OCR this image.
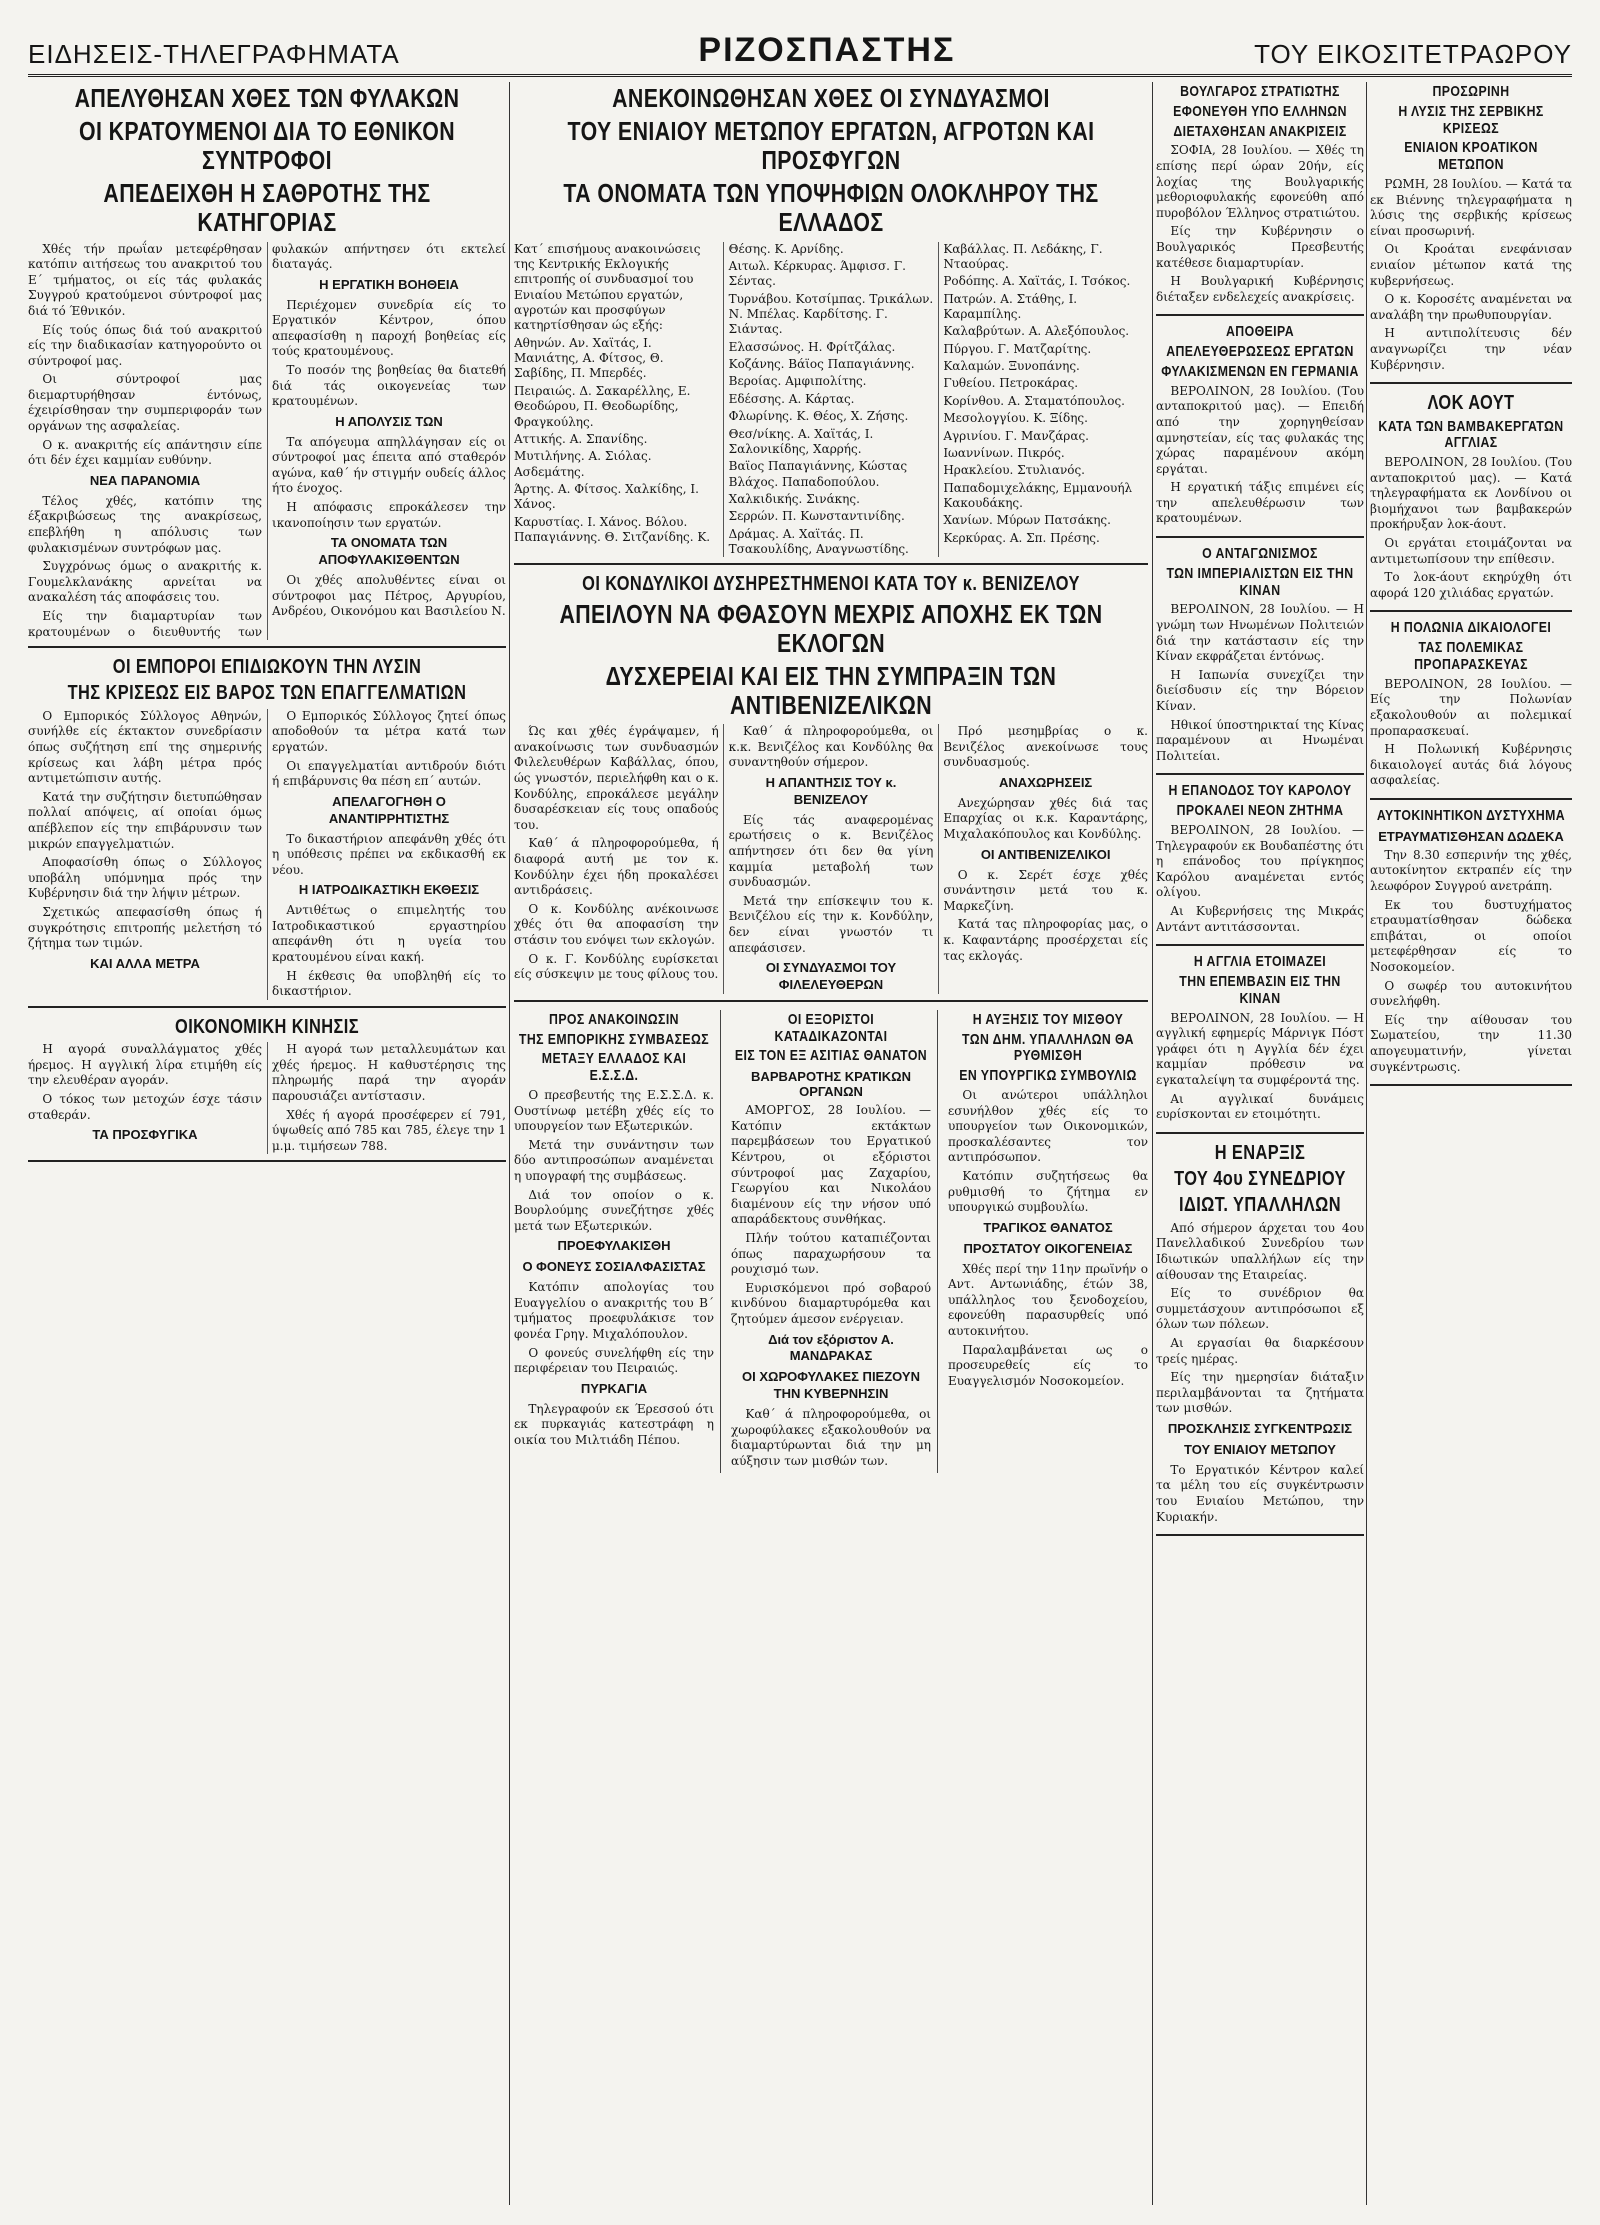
ΕΙΔΗΣΕΙΣ-ΤΗΛΕΓΡΑΦΗΜΑΤΑ	ΡΙΖΟΣΠΑΣΤΗΣ	ΤΟΥ ΕΙΚΟΣΙΤΕΤΡΑΩΡΟΥ
ΑΠΕΛΥΘΗΣΑΝ ΧΘΕΣ ΤΩΝ ΦΥΛΑΚΩΝ
ΟΙ ΚΡΑΤΟΥΜΕΝΟΙ ΔΙΑ ΤΟ ΕΘΝΙΚΟΝ ΣΥΝΤΡΟΦΟΙ
ΑΠΕΔΕΙΧΘΗ Η ΣΑΘΡΟΤΗΣ ΤΗΣ ΚΑΤΗΓΟΡΙΑΣ

Χθές τήν πρωΐαν μετεφέρθησαν κατόπιν αιτήσεως του ανακριτού του Ε΄ τμήματος, οι είς τάς φυλακάς Συγγρού κρατούμενοι σύντροφοί μας διά τό Έθνικόν.

Είς τούς όπως διά τού ανακριτού είς την διαδικασίαν κατηγορούντο οι σύντροφοί μας.

Οι σύντροφοί μας διεμαρτυρήθησαν έντόνως, έχειρίσθησαν την συμπεριφοράν των οργάνων της ασφαλείας.

Ο κ. ανακριτής είς απάντησιν είπε ότι δέν έχει καμμίαν ευθύνην.

ΝΕΑ ΠΑΡΑΝΟΜΙΑ

Τέλος χθές, κατόπιν της έξακριβώσεως της ανακρίσεως, επεβλήθη η απόλυσις των φυλακισμένων συντρόφων μας.

Συγχρόνως όμως ο ανακριτής κ. Γουμελκλανάκης αρνείται να ανακαλέση τάς αποφάσεις του.

Είς την διαμαρτυρίαν των κρατουμένων ο διευθυντής των φυλακών απήντησεν ότι εκτελεί διαταγάς.

Η ΕΡΓΑΤΙΚΗ ΒΟΗΘΕΙΑ

Περιέχομεν συνεδρία είς το Εργατικόν Κέντρον, όπου απεφασίσθη η παροχή βοηθείας είς τούς κρατουμένους.

Το ποσόν της βοηθείας θα διατεθή διά τάς οικογενείας των κρατουμένων.

Η ΑΠΟΛΥΣΙΣ ΤΩΝ

Τα απόγευμα απηλλάγησαν είς οι σύντροφοί μας έπειτα από σταθερόν αγώνα, καθ΄ ήν στιγμήν ουδείς άλλος ήτο ένοχος.

Η απόφασις επροκάλεσεν την ικανοποίησιν των εργατών.

ΤΑ ΟΝΟΜΑΤΑ ΤΩΝ ΑΠΟΦΥΛΑΚΙΣΘΕΝΤΩΝ

Οι χθές απολυθέντες είναι οι σύντροφοι μας Πέτρος, Αργυρίου, Ανδρέου, Οικονόμου και Βασιλείου Ν.

ΟΙ ΕΜΠΟΡΟΙ ΕΠΙΔΙΩΚΟΥΝ ΤΗΝ ΛΥΣΙΝ
ΤΗΣ ΚΡΙΣΕΩΣ ΕΙΣ ΒΑΡΟΣ ΤΩΝ ΕΠΑΓΓΕΛΜΑΤΙΩΝ

Ο Εμπορικός Σύλλογος Αθηνών, συνήλθε είς έκτακτον συνεδρίασιν όπως συζήτηση επί της σημερινής κρίσεως και λάβη μέτρα πρός αντιμετώπισιν αυτής.

Κατά την συζήτησιν διετυπώθησαν πολλαί απόψεις, αί οποίαι όμως απέβλεπον είς την επιβάρυνσιν των μικρών επαγγελματιών.

Αποφασίσθη όπως ο Σύλλογος υποβάλη υπόμνημα πρός την Κυβέρνησιν διά την λήψιν μέτρων.

Σχετικώς απεφασίσθη όπως ή συγκρότησις επιτροπής μελετήση τό ζήτημα των τιμών.

ΚΑΙ ΑΛΛΑ ΜΕΤΡΑ

Ο Εμπορικός Σύλλογος ζητεί όπως αποδοθούν τα μέτρα κατά των εργατών.

Οι επαγγελματίαι αντιδρούν διότι ή επιβάρυνσις θα πέση επ΄ αυτών.

ΑΠΕΛΑΓΟΓΗΘΗ Ο ΑΝΑΝΤΙΡΡΗΤΙΣΤΗΣ

Το δικαστήριον απεφάνθη χθές ότι η υπόθεσις πρέπει να εκδικασθή εκ νέου.

Η ΙΑΤΡΟΔΙΚΑΣΤΙΚΗ ΕΚΘΕΣΙΣ

Αντιθέτως ο επιμελητής του Ιατροδικαστικού εργαστηρίου απεφάνθη ότι η υγεία του κρατουμένου είναι κακή.

Η έκθεσις θα υποβληθή είς το δικαστήριον.

ΟΙΚΟΝΟΜΙΚΗ ΚΙΝΗΣΙΣ

Η αγορά συναλλάγματος χθές ήρεμος. Η αγγλική λίρα ετιμήθη είς την ελευθέραν αγοράν.

Ο τόκος των μετοχών έσχε τάσιν σταθεράν.

ΤΑ ΠΡΟΣΦΥΓΙΚΑ

Η αγορά των μεταλλευμάτων και χθές ήρεμος. Η καθυστέρησις της πληρωμής παρά την αγοράν παρουσιάζει αντίστασιν.

Χθές ή αγορά προσέφερεν εί 791, ύψωθείς από 785 και 785, έλεγε την 1 μ.μ. τιμήσεων 788.

ΑΝΕΚΟΙΝΩΘΗΣΑΝ ΧΘΕΣ ΟΙ ΣΥΝΔΥΑΣΜΟΙ
ΤΟΥ ΕΝΙΑΙΟΥ ΜΕΤΩΠΟΥ ΕΡΓΑΤΩΝ, ΑΓΡΟΤΩΝ ΚΑΙ ΠΡΟΣΦΥΓΩΝ
ΤΑ ΟΝΟΜΑΤΑ ΤΩΝ ΥΠΟΨΗΦΙΩΝ ΟΛΟΚΛΗΡΟΥ ΤΗΣ ΕΛΛΑΔΟΣ
Κατ΄ επισήμους ανακοινώσεις της Κεντρικής Εκλογικής επιτροπής οί συνδυασμοί του Ενιαίου Μετώπου εργατών, αγροτών και προσφύγων κατηρτίσθησαν ώς εξής:
Αθηνών. Αν. Χαϊτάς, Ι. Μανιάτης, Α. Φίτσος, Θ. Σαβίδης, Π. Μπερδές.
Πειραιώς. Δ. Σακαρέλλης, Ε. Θεοδώρου, Π. Θεοδωρίδης, Φραγκούλης.
Αττικής. Α. Σπανίδης.
Μυτιλήνης. Α. Σιόλας. Ασδεμάτης.
Άρτης. Α. Φίτσος. Χαλκίδης, Ι. Χάνος.
Καρυστίας. Ι. Χάνος. Βόλου. Παπαγιάννης. Θ. Σιτζανίδης. Κ. Θέσης. Κ. Αρνίδης.
Αιτωλ. Κέρκυρας. Άμφισσ. Γ. Σέντας.
Τυρνάβου. Κοτσίμπας. Τρικάλων. Ν. Μπέλας. Καρδίτσης. Γ. Σιάντας.
Ελασσώνος. Η. Φρίτζάλας.
Κοζάνης. Βάϊος Παπαγιάννης.
Βεροίας. Αμφιπολίτης.
Εδέσσης. Α. Κάρτας.
Φλωρίνης. Κ. Θέος, Χ. Ζήσης.
Θεσ/νίκης. Α. Χαϊτάς, Ι. Σαλονικίδης, Χαρρής.
Βαϊος Παπαγιάννης, Κώστας Βλάχος. Παπαδοπούλου.
Χαλκιδικής. Σινάκης.
Σερρών. Π. Κωνσταντινίδης.
Δράμας. Α. Χαϊτάς. Π. Τσακουλίδης, Αναγνωστίδης.
Καβάλλας. Π. Λεδάκης, Γ. Νταούρας.
Ροδόπης. Α. Χαϊτάς, Ι. Τσόκος.
Πατρών. Α. Στάθης, Ι. Καραμπίλης.
Καλαβρύτων. Α. Αλεξόπουλος.
Πύργου. Γ. Ματζαρίτης.
Καλαμών. Ξυνοπάνης.
Γυθείου. Πετροκάρας.
Κορίνθου. Α. Σταματόπουλος.
Μεσολογγίου. Κ. Ξίδης.
Αγρινίου. Γ. Μανζάρας.
Ιωαννίνων. Πικρός.
Ηρακλείου. Στυλιανός.
Παπαδομιχελάκης, Εμμανουήλ Κακουδάκης.
Χανίων. Μύρων Πατσάκης.
Κερκύρας. Α. Σπ. Πρέσης.
ΟΙ ΚΟΝΔΥΛΙΚΟΙ ΔΥΣΗΡΕΣΤΗΜΕΝΟΙ ΚΑΤΑ ΤΟΥ κ. ΒΕΝΙΖΕΛΟΥ
ΑΠΕΙΛΟΥΝ ΝΑ ΦΘΑΣΟΥΝ ΜΕΧΡΙΣ ΑΠΟΧΗΣ ΕΚ ΤΩΝ ΕΚΛΟΓΩΝ
ΔΥΣΧΕΡΕΙΑΙ ΚΑΙ ΕΙΣ ΤΗΝ ΣΥΜΠΡΑΞΙΝ ΤΩΝ ΑΝΤΙΒΕΝΙΖΕΛΙΚΩΝ

Ώς και χθές έγράψαμεν, ή ανακοίνωσις των συνδυασμών Φιλελευθέρων Καβάλλας, όπου, ώς γνωστόν, περιελήφθη και ο κ. Κονδύλης, επροκάλεσε μεγάλην δυσαρέσκειαν είς τους οπαδούς του.

Καθ΄ ά πληροφορούμεθα, ή διαφορά αυτή με τον κ. Κονδύλην έχει ήδη προκαλέσει αντιδράσεις.

Ο κ. Κονδύλης ανέκοινωσε χθές ότι θα αποφασίση την στάσιν του ενόψει των εκλογών.

Ο κ. Γ. Κονδύλης ευρίσκεται είς σύσκεψιν με τους φίλους του.

Καθ΄ ά πληροφορούμεθα, οι κ.κ. Βενιζέλος και Κονδύλης θα συναντηθούν σήμερον.

Η ΑΠΑΝΤΗΣΙΣ ΤΟΥ κ. ΒΕΝΙΖΕΛΟΥ

Είς τάς αναφερομένας ερωτήσεις ο κ. Βενιζέλος απήντησεν ότι δεν θα γίνη καμμία μεταβολή των συνδυασμών.

Μετά την επίσκεψιν του κ. Βενιζέλου είς την κ. Κονδύλην, δεν είναι γνωστόν τι απεφάσισεν.

ΟΙ ΣΥΝΔΥΑΣΜΟΙ ΤΟΥ ΦΙΛΕΛΕΥΘΕΡΩΝ

Πρό μεσημβρίας ο κ. Βενιζέλος ανεκοίνωσε τους συνδυασμούς.

ΑΝΑΧΩΡΗΣΕΙΣ

Ανεχώρησαν χθές διά τας Επαρχίας οι κ.κ. Καραντάρης, Μιχαλακόπουλος και Κονδύλης.

ΟΙ ΑΝΤΙΒΕΝΙΖΕΛΙΚΟΙ

Ο κ. Σερέτ έσχε χθές συνάντησιν μετά του κ. Μαρκεζίνη.

Κατά τας πληροφορίας μας, ο κ. Καφαντάρης προσέρχεται είς τας εκλογάς.

ΠΡΟΣ ΑΝΑΚΟΙΝΩΣΙΝ
ΤΗΣ ΕΜΠΟΡΙΚΗΣ ΣΥΜΒΑΣΕΩΣ
ΜΕΤΑΞΥ ΕΛΛΑΔΟΣ ΚΑΙ Ε.Σ.Σ.Δ.

Ο πρεσβευτής της Ε.Σ.Σ.Δ. κ. Ουστίνωφ μετέβη χθές είς το υπουργείον των Εξωτερικών.

Μετά την συνάντησιν των δύο αντιπροσώπων αναμένεται η υπογραφή της συμβάσεως.

Διά τον οποίον ο κ. Βουρλούμης συνεζήτησε χθές μετά των Εξωτερικών.

ΠΡΟΕΦΥΛΑΚΙΣΘΗ
Ο ΦΟΝΕΥΣ ΣΟΣΙΑΛΦΑΣΙΣΤΑΣ

Κατόπιν απολογίας του Ευαγγελίου ο ανακριτής του Β΄ τμήματος προεφυλάκισε τον φονέα Γρηγ. Μιχαλόπουλον.

Ο φονεύς συνελήφθη είς την περιφέρειαν του Πειραιώς.

ΠΥΡΚΑΓΙΑ

Τηλεγραφούν εκ Έρεσσού ότι εκ πυρκαγιάς κατεστράφη η οικία του Μιλτιάδη Πέπου.

ΟΙ ΕΞΟΡΙΣΤΟΙ ΚΑΤΑΔΙΚΑΖΟΝΤΑΙ
ΕΙΣ ΤΟΝ ΕΞ ΑΣΙΤΙΑΣ ΘΑΝΑΤΟΝ
ΒΑΡΒΑΡΟΤΗΣ ΚΡΑΤΙΚΩΝ ΟΡΓΑΝΩΝ

ΑΜΟΡΓΟΣ, 28 Ιουλίου. — Κατόπιν εκτάκτων παρεμβάσεων του Εργατικού Κέντρου, οι εξόριστοι σύντροφοί μας Ζαχαρίου, Γεωργίου και Νικολάου διαμένουν είς την νήσον υπό απαράδεκτους συνθήκας.

Πλήν τούτου καταπιέζονται όπως παραχωρήσουν τα ρουχισμό των.

Ευρισκόμενοι πρό σοβαρού κινδύνου διαμαρτυρόμεθα και ζητούμεν άμεσον ενέργειαν.

Διά τον εξόριστον Α. ΜΑΝΔΡΑΚΑΣ
ΟΙ ΧΩΡΟΦΥΛΑΚΕΣ ΠΙΕΖΟΥΝ ΤΗΝ ΚΥΒΕΡΝΗΣΙΝ

Καθ΄ ά πληροφορούμεθα, οι χωροφύλακες εξακολουθούν να διαμαρτύρωνται διά την μη αύξησιν των μισθών των.

Η ΑΥΞΗΣΙΣ ΤΟΥ ΜΙΣΘΟΥ
ΤΩΝ ΔΗΜ. ΥΠΑΛΛΗΛΩΝ ΘΑ ΡΥΘΜΙΣΘΗ
ΕΝ ΥΠΟΥΡΓΙΚΩ ΣΥΜΒΟΥΛΙΩ

Οι ανώτεροι υπάλληλοι εσυνήλθον χθές είς το υπουργείον των Οικονομικών, προσκαλέσαντες τον αντιπρόσωπον.

Κατόπιν συζητήσεως θα ρυθμισθή το ζήτημα εν υπουργικώ συμβουλίω.

ΤΡΑΓΙΚΟΣ ΘΑΝΑΤΟΣ
ΠΡΟΣΤΑΤΟΥ ΟΙΚΟΓΕΝΕΙΑΣ

Χθές περί την 11ην πρωϊνήν ο Αντ. Αντωνιάδης, έτών 38, υπάλληλος του ξενοδοχείου, εφονεύθη παρασυρθείς υπό αυτοκινήτου.

Παραλαμβάνεται ως ο προσευρεθείς είς το Ευαγγελισμόν Νοσοκομείον.

ΒΟΥΛΓΑΡΟΣ ΣΤΡΑΤΙΩΤΗΣ
ΕΦΟΝΕΥΘΗ ΥΠΟ ΕΛΛΗΝΩΝ
ΔΙΕΤΑΧΘΗΣΑΝ ΑΝΑΚΡΙΣΕΙΣ

ΣΟΦΙΑ, 28 Ιουλίου. — Χθές τη επίσης περί ώραν 20ήν, είς λοχίας της Βουλγαρικής μεθοριοφυλακής εφονεύθη από πυροβόλον Έλληνος στρατιώτου.

Είς την Κυβέρνησιν ο Βουλγαρικός Πρεσβευτής κατέθεσε διαμαρτυρίαν.

Η Βουλγαρική Κυβέρνησις διέταξεν ενδελεχείς ανακρίσεις.

ΑΠΟΘΕΙΡΑ
ΑΠΕΛΕΥΘΕΡΩΣΕΩΣ ΕΡΓΑΤΩΝ
ΦΥΛΑΚΙΣΜΕΝΩΝ ΕΝ ΓΕΡΜΑΝΙΑ

ΒΕΡΟΛΙΝΟΝ, 28 Ιουλίου. (Του ανταποκριτού μας). — Επειδή από την χορηγηθείσαν αμνηστείαν, είς τας φυλακάς της χώρας παραμένουν ακόμη εργάται.

Η εργατική τάξις επιμένει είς την απελευθέρωσιν των κρατουμένων.

Ο ΑΝΤΑΓΩΝΙΣΜΟΣ
ΤΩΝ ΙΜΠΕΡΙΑΛΙΣΤΩΝ ΕΙΣ ΤΗΝ ΚΙΝΑΝ

ΒΕΡΟΛΙΝΟΝ, 28 Ιουλίου. — Η γνώμη των Ηνωμένων Πολιτειών διά την κατάστασιν είς την Κίναν εκφράζεται έντόνως.

Η Ιαπωνία συνεχίζει την διείσδυσιν είς την Βόρειον Κίναν.

Ηθικοί ύποστηρικταί της Κίνας παραμένουν αι Ηνωμέναι Πολιτείαι.

Η ΕΠΑΝΟΔΟΣ ΤΟΥ ΚΑΡΟΛΟΥ
ΠΡΟΚΑΛΕΙ ΝΕΟΝ ΖΗΤΗΜΑ

ΒΕΡΟΛΙΝΟΝ, 28 Ιουλίου. — Τηλεγραφούν εκ Βουδαπέστης ότι η επάνοδος του πρίγκηπος Καρόλου αναμένεται εντός ολίγου.

Αι Κυβερνήσεις της Μικράς Αντάντ αντιτάσσονται.

Η ΑΓΓΛΙΑ ΕΤΟΙΜΑΖΕΙ
ΤΗΝ ΕΠΕΜΒΑΣΙΝ ΕΙΣ ΤΗΝ ΚΙΝΑΝ

ΒΕΡΟΛΙΝΟΝ, 28 Ιουλίου. — Η αγγλική εφημερίς Μάρνιγκ Πόστ γράφει ότι η Αγγλία δέν έχει καμμίαν πρόθεσιν να εγκαταλείψη τα συμφέροντά της.

Αι αγγλικαί δυνάμεις ευρίσκονται εν ετοιμότητι.

Η ΕΝΑΡΞΙΣ
ΤΟΥ 4ου ΣΥΝΕΔΡΙΟΥ
ΙΔΙΩΤ. ΥΠΑΛΛΗΛΩΝ

Από σήμερον άρχεται του 4ου Πανελλαδικού Συνεδρίου των Ιδιωτικών υπαλλήλων είς την αίθουσαν της Εταιρείας.

Είς το συνέδριον θα συμμετάσχουν αντιπρόσωποι εξ όλων των πόλεων.

Αι εργασίαι θα διαρκέσουν τρείς ημέρας.

Είς την ημερησίαν διάταξιν περιλαμβάνονται τα ζητήματα των μισθών.

ΠΡΟΣΚΛΗΣΙΣ ΣΥΓΚΕΝΤΡΩΣΙΣ
ΤΟΥ ΕΝΙΑΙΟΥ ΜΕΤΩΠΟΥ

Το Εργατικόν Κέντρον καλεί τα μέλη του είς συγκέντρωσιν του Ενιαίου Μετώπου, την Κυριακήν.

ΠΡΟΣΩΡΙΝΗ
Η ΛΥΣΙΣ ΤΗΣ ΣΕΡΒΙΚΗΣ ΚΡΙΣΕΩΣ
ΕΝΙΑΙΟΝ ΚΡΟΑΤΙΚΟΝ ΜΕΤΩΠΟΝ

ΡΩΜΗ, 28 Ιουλίου. — Κατά τα εκ Βιέννης τηλεγραφήματα η λύσις της σερβικής κρίσεως είναι προσωρινή.

Οι Κροάται ενεφάνισαν ενιαίον μέτωπον κατά της κυβερνήσεως.

Ο κ. Κοροσέτς αναμένεται να αναλάβη την πρωθυπουργίαν.

Η αντιπολίτευσις δέν αναγνωρίζει την νέαν Κυβέρνησιν.

ΛΟΚ ΑΟΥΤ
ΚΑΤΑ ΤΩΝ ΒΑΜΒΑΚΕΡΓΑΤΩΝ ΑΓΓΛΙΑΣ

ΒΕΡΟΛΙΝΟΝ, 28 Ιουλίου. (Του ανταποκριτού μας). — Κατά τηλεγραφήματα εκ Λονδίνου οι βιομήχανοι των βαμβακερών προκήρυξαν λοκ-άουτ.

Οι εργάται ετοιμάζονται να αντιμετωπίσουν την επίθεσιν.

Το λοκ-άουτ εκηρύχθη ότι αφορά 120 χιλιάδας εργατών.

Η ΠΟΛΩΝΙΑ ΔΙΚΑΙΟΛΟΓΕΙ
ΤΑΣ ΠΟΛΕΜΙΚΑΣ ΠΡΟΠΑΡΑΣΚΕΥΑΣ

ΒΕΡΟΛΙΝΟΝ, 28 Ιουλίου. — Είς την Πολωνίαν εξακολουθούν αι πολεμικαί προπαρασκευαί.

Η Πολωνική Κυβέρνησις δικαιολογεί αυτάς διά λόγους ασφαλείας.

ΑΥΤΟΚΙΝΗΤΙΚΟΝ ΔΥΣΤΥΧΗΜΑ
ΕΤΡΑΥΜΑΤΙΣΘΗΣΑΝ ΔΩΔΕΚΑ

Την 8.30 εσπερινήν της χθές, αυτοκίνητον εκτραπέν είς την λεωφόρον Συγγρού ανετράπη.

Εκ του δυστυχήματος ετραυματίσθησαν δώδεκα επιβάται, οι οποίοι μετεφέρθησαν είς το Νοσοκομείον.

Ο σωφέρ του αυτοκινήτου συνελήφθη.

Είς την αίθουσαν του Σωματείου, την 11.30 απογευματινήν, γίνεται συγκέντρωσις.
